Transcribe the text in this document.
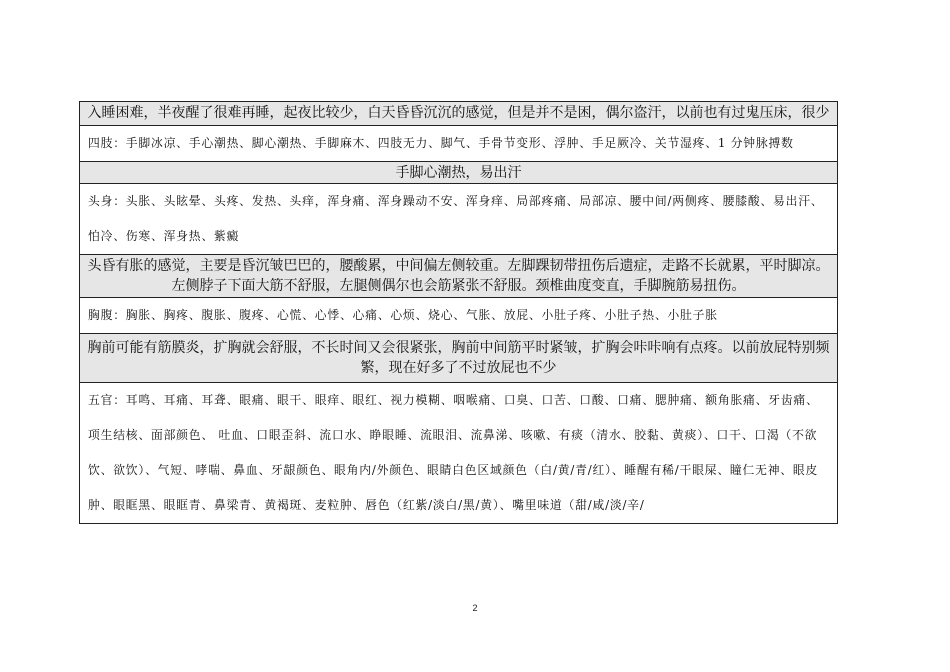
入睡困难，半夜醒了很难再睡，起夜比较少，白天昏昏沉沉的感觉，但是并不是困，偶尔盗汗，以前也有过鬼压床，很少
四肢：手脚冰凉、手心潮热、脚心潮热、手脚麻木、四肢无力、脚气、手骨节变形、浮肿、手足厥冷、关节湿疼、1 分钟脉搏数
手脚心潮热，易出汗
头身：头胀、头眩晕、头疼、发热、头痒，浑身痛、浑身躁动不安、浑身痒、局部疼痛、局部凉、腰中间/两侧疼、腰膝酸、易出汗、怕冷、伤寒、浑身热、紫癜
头昏有胀的感觉，主要是昏沉皱巴巴的，腰酸累，中间偏左侧较重。左脚踝韧带扭伤后遗症，走路不长就累，平时脚凉。左侧脖子下面大筋不舒服，左腿侧偶尔也会筋紧张不舒服。颈椎曲度变直，手脚腕筋易扭伤。
胸腹：胸胀、胸疼、腹胀、腹疼、心慌、心悸、心痛、心烦、烧心、气胀、放屁、小肚子疼、小肚子热、小肚子胀
胸前可能有筋膜炎，扩胸就会舒服，不长时间又会很紧张，胸前中间筋平时紧皱，扩胸会咔咔响有点疼。以前放屁特别频繁，现在好多了不过放屁也不少
五官：耳鸣、耳痛、耳聋、眼痛、眼干、眼痒、眼红、视力模糊、咽喉痛、口臭、口苦、口酸、口痛、腮肿痛、额角胀痛、牙齿痛、项生结核、面部颜色、 吐血、口眼歪斜、流口水、睁眼睡、流眼泪、流鼻涕、咳嗽、有痰（清水、胶黏、黄痰）、口干、口渴（不欲饮、欲饮）、气短、哮喘、鼻血、牙龈颜色、眼角内/外颜色、眼睛白色区域颜色（白/黄/青/红）、睡醒有稀/干眼屎、瞳仁无神、眼皮肿、眼眶黑、眼眶青、鼻梁青、黄褐斑、麦粒肿、唇色（红紫/淡白/黑/黄）、嘴里味道（甜/咸/淡/辛/
2
